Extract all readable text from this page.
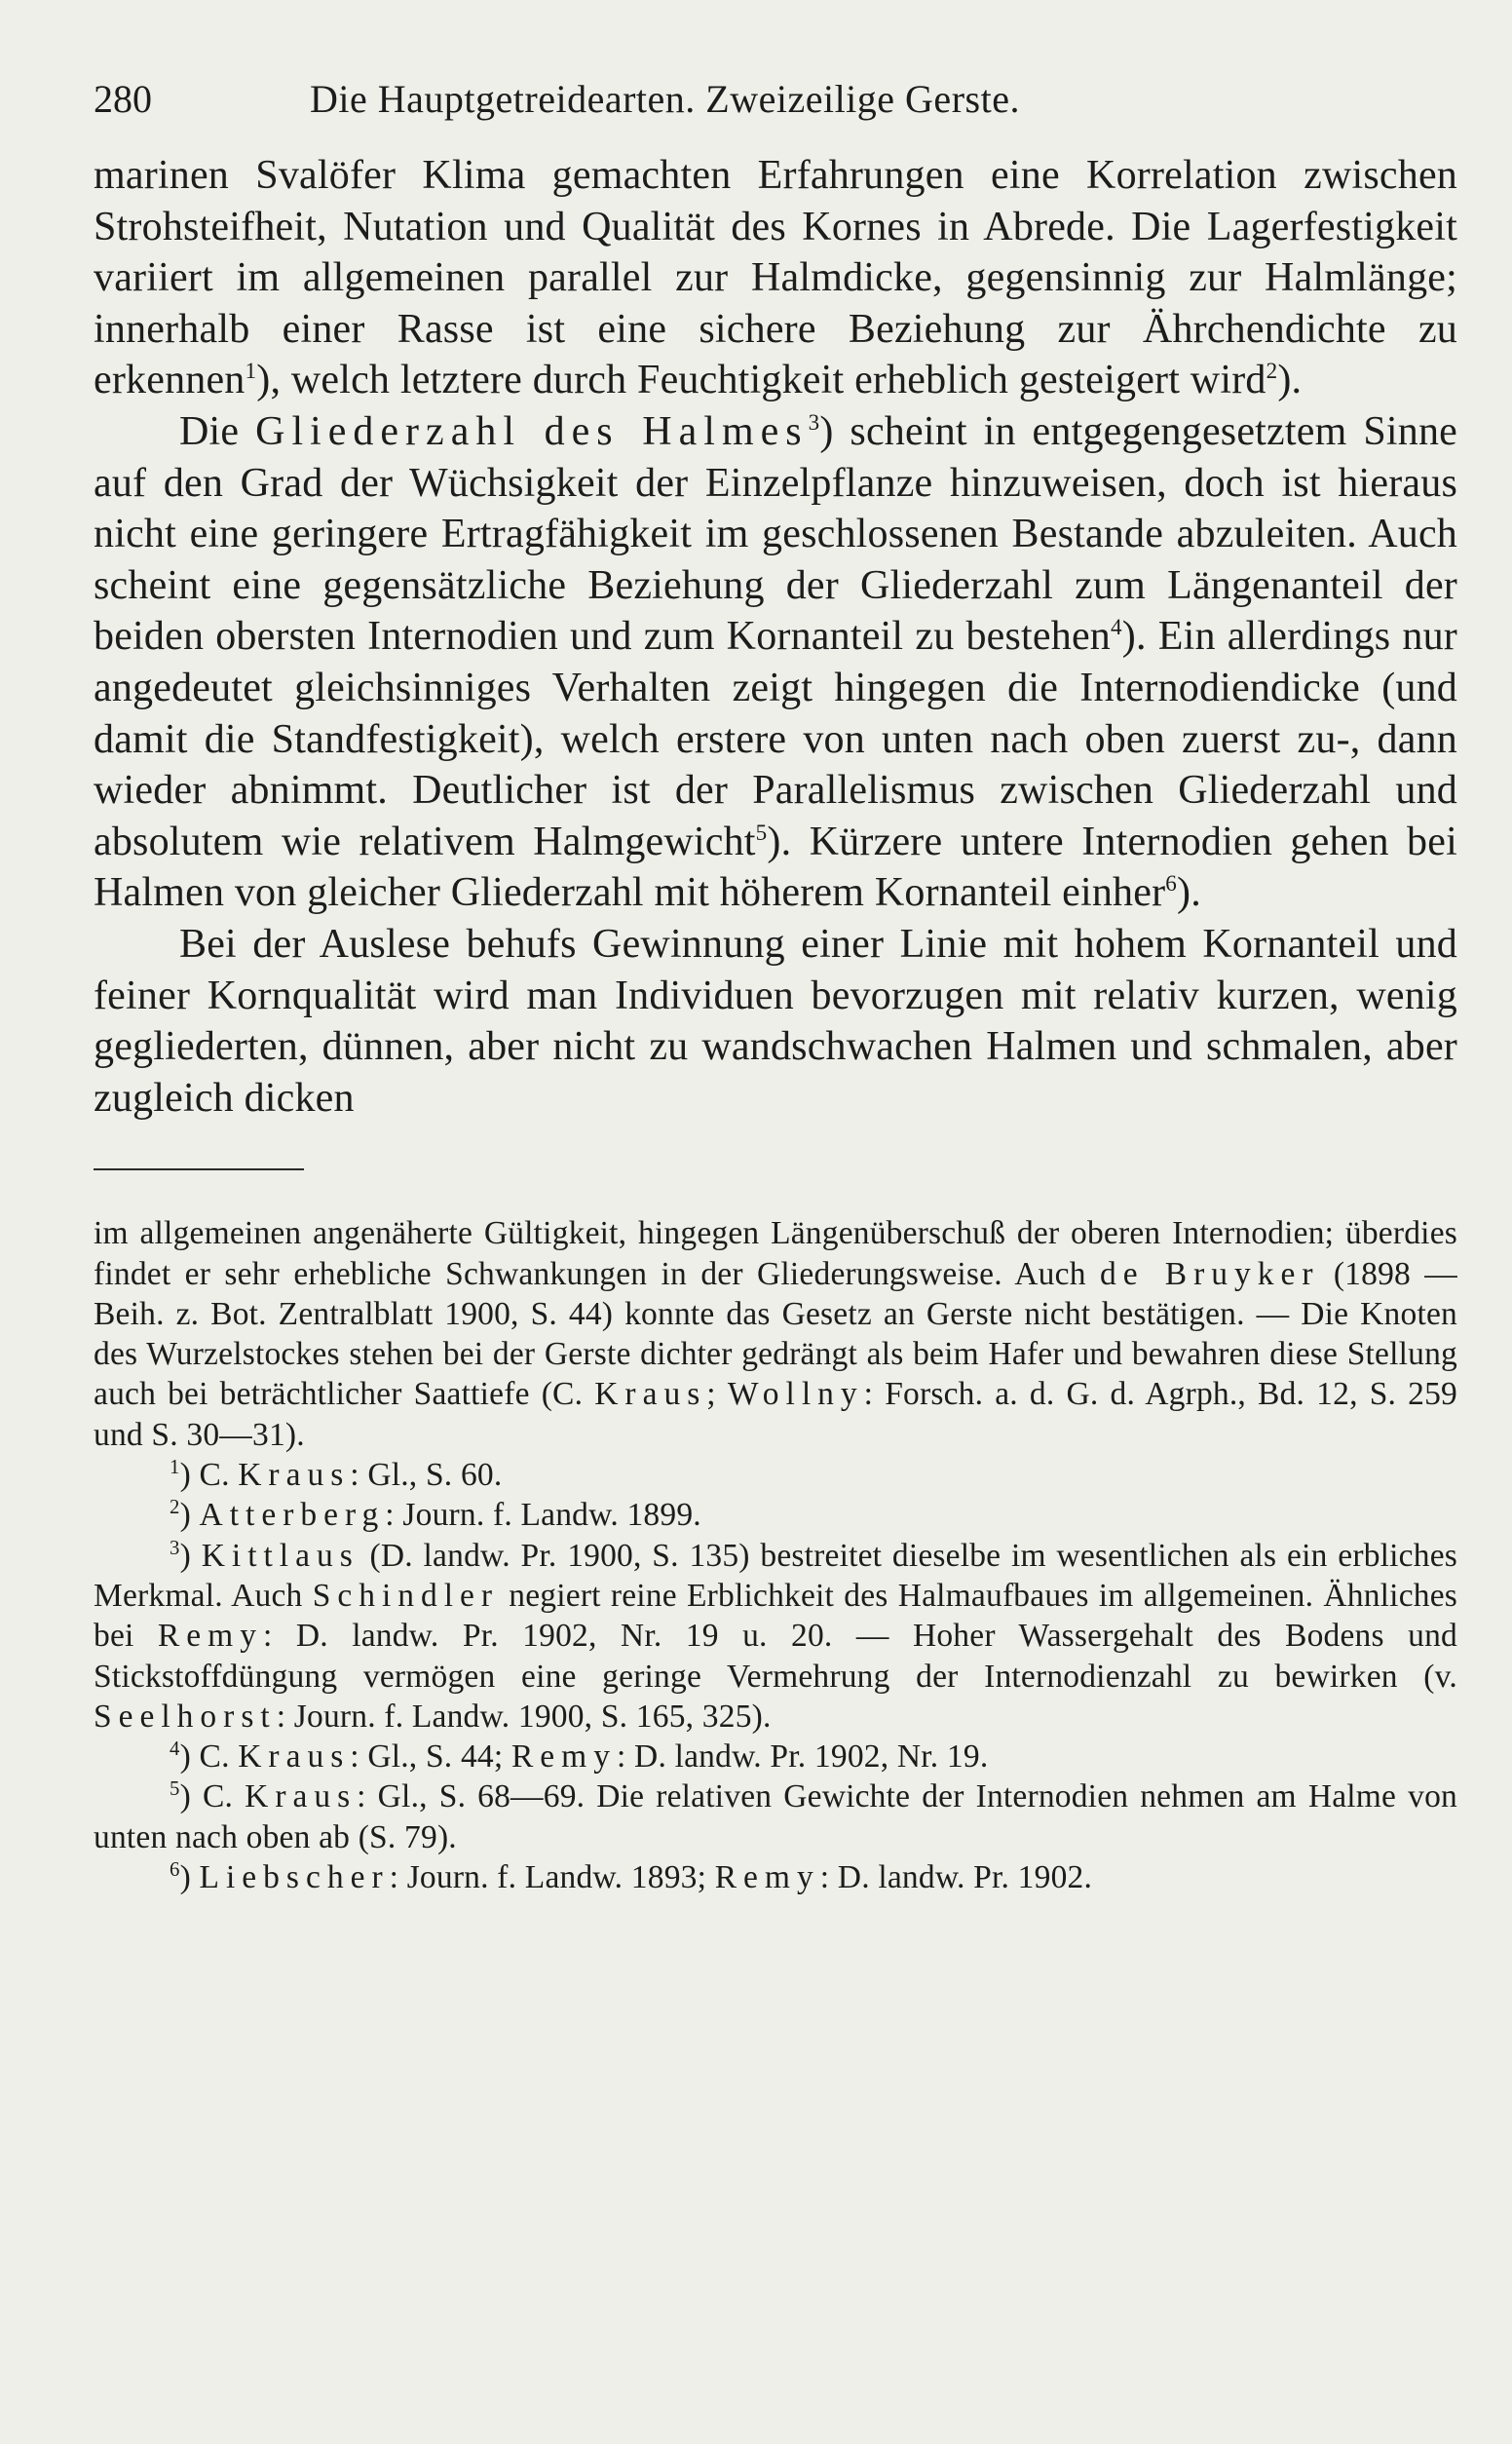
280	Die Hauptgetreidearten. Zweizeilige Gerste.

marinen Svalöfer Klima gemachten Erfahrungen eine Korrelation zwischen Strohsteifheit, Nutation und Qualität des Kornes in Abrede. Die Lagerfestigkeit variiert im allgemeinen parallel zur Halmdicke, gegensinnig zur Halmlänge; innerhalb einer Rasse ist eine sichere Beziehung zur Ährchendichte zu erkennen$^1$), welch letztere durch Feuchtigkeit erheblich gesteigert wird$^2$).

Die Gliederzahl des Halmes$^3$) scheint in entgegengesetztem Sinne auf den Grad der Wüchsigkeit der Einzelpflanze hinzuweisen, doch ist hieraus nicht eine geringere Ertragfähigkeit im geschlossenen Bestande abzuleiten. Auch scheint eine gegensätzliche Beziehung der Gliederzahl zum Längenanteil der beiden obersten Internodien und zum Kornanteil zu bestehen$^4$). Ein allerdings nur angedeutet gleichsinniges Verhalten zeigt hingegen die Internodiendicke (und damit die Standfestigkeit), welch erstere von unten nach oben zuerst zu-, dann wieder abnimmt. Deutlicher ist der Parallelismus zwischen Gliederzahl und absolutem wie relativem Halmgewicht$^5$). Kürzere untere Internodien gehen bei Halmen von gleicher Gliederzahl mit höherem Kornanteil einher$^6$).

Bei der Auslese behufs Gewinnung einer Linie mit hohem Kornanteil und feiner Kornqualität wird man Individuen bevorzugen mit relativ kurzen, wenig gegliederten, dünnen, aber nicht zu wandschwachen Halmen und schmalen, aber zugleich dicken

im allgemeinen angenäherte Gültigkeit, hingegen Längenüberschuß der oberen Internodien; überdies findet er sehr erhebliche Schwankungen in der Gliederungsweise. Auch de Bruyker (1898 — Beih. z. Bot. Zentralblatt 1900, S. 44) konnte das Gesetz an Gerste nicht bestätigen. — Die Knoten des Wurzelstockes stehen bei der Gerste dichter gedrängt als beim Hafer und bewahren diese Stellung auch bei beträchtlicher Saattiefe (C. Kraus; Wollny: Forsch. a. d. G. d. Agrph., Bd. 12, S. 259 und S. 30—31).

$^1$) C. Kraus: Gl., S. 60.

$^2$) Atterberg: Journ. f. Landw. 1899.

$^3$) Kittlaus (D. landw. Pr. 1900, S. 135) bestreitet dieselbe im wesentlichen als ein erbliches Merkmal. Auch Schindler negiert reine Erblichkeit des Halmaufbaues im allgemeinen. Ähnliches bei Remy: D. landw. Pr. 1902, Nr. 19 u. 20. — Hoher Wassergehalt des Bodens und Stickstoffdüngung vermögen eine geringe Vermehrung der Internodienzahl zu bewirken (v. Seelhorst: Journ. f. Landw. 1900, S. 165, 325).

$^4$) C. Kraus: Gl., S. 44; Remy: D. landw. Pr. 1902, Nr. 19.

$^5$) C. Kraus: Gl., S. 68—69. Die relativen Gewichte der Internodien nehmen am Halme von unten nach oben ab (S. 79).

$^6$) Liebscher: Journ. f. Landw. 1893; Remy: D. landw. Pr. 1902.
